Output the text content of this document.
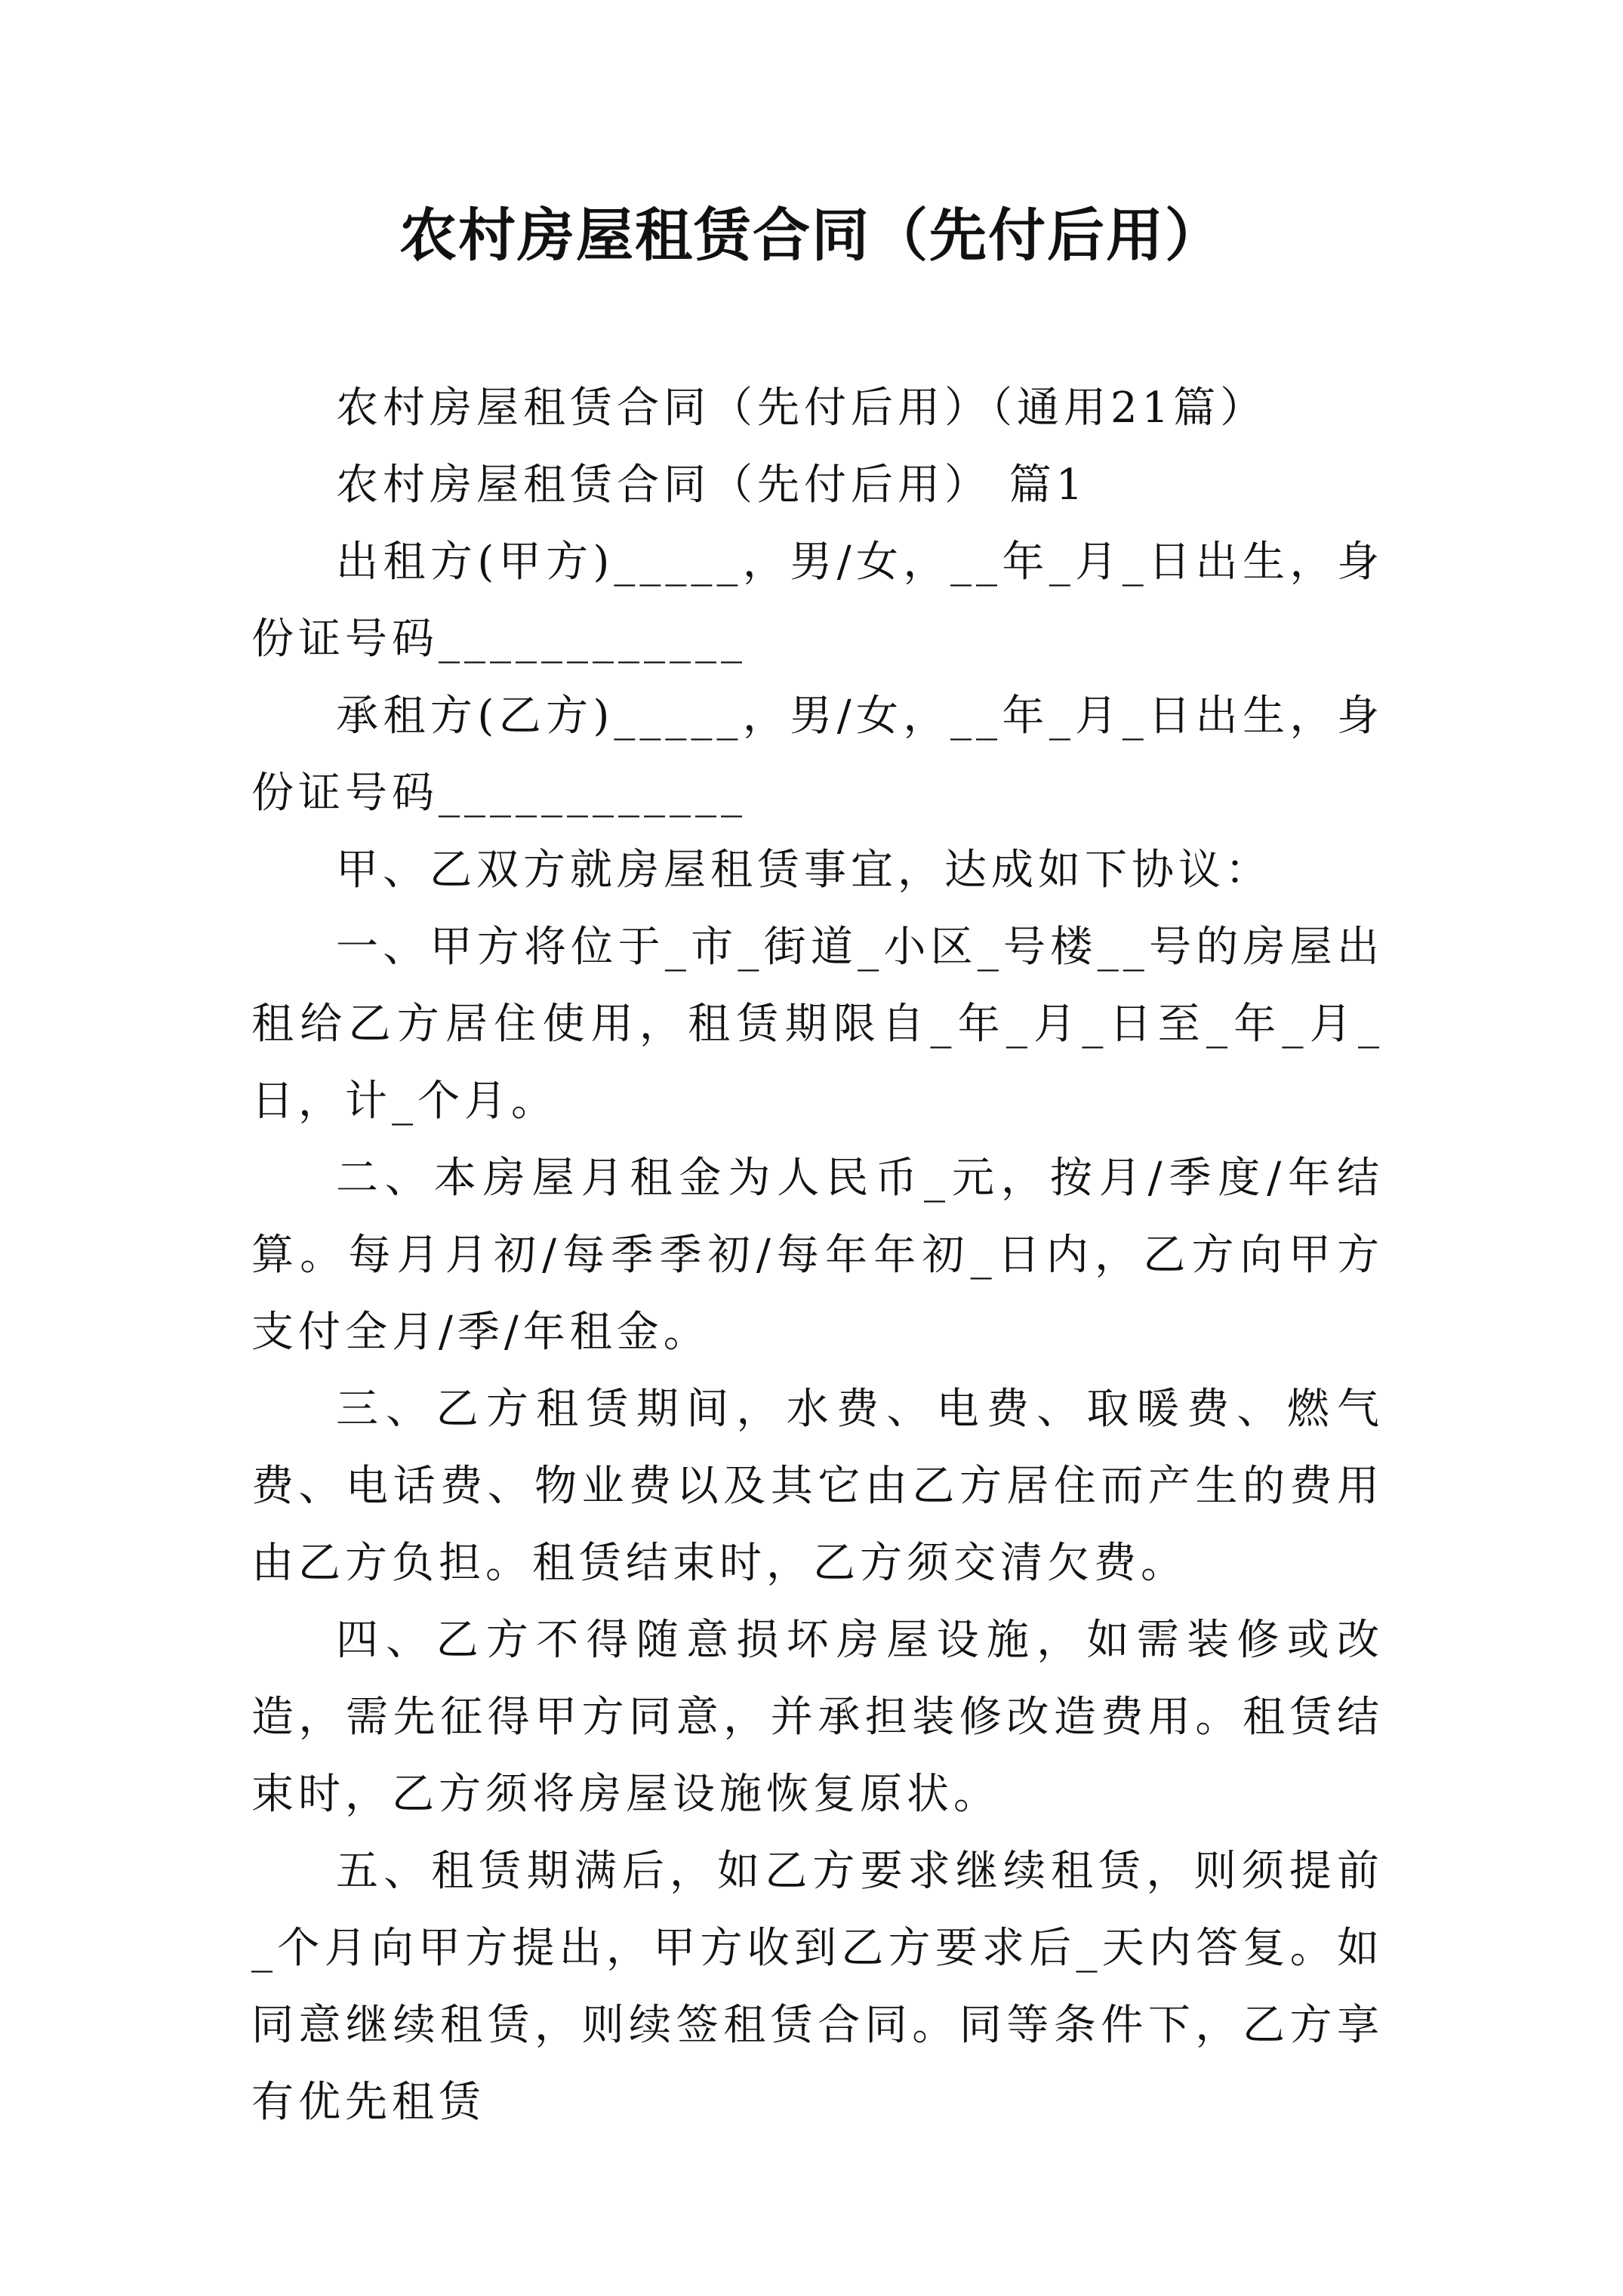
农村房屋租赁合同（先付后用）

农村房屋租赁合同（先付后用）（通用21篇）

农村房屋租赁合同（先付后用） 篇1

出租方(甲方)_____，男/女，__年_月_日出生，身份证号码____________

承租方(乙方)_____，男/女，__年_月_日出生，身份证号码____________

甲、乙双方就房屋租赁事宜，达成如下协议：

一、甲方将位于_市_街道_小区_号楼__号的房屋出租给乙方居住使用，租赁期限自_年_月_日至_年_月_日，计_个月。

二、本房屋月租金为人民币_元，按月/季度/年结算。每月月初/每季季初/每年年初_日内，乙方向甲方支付全月/季/年租金。

三、乙方租赁期间，水费、电费、取暖费、燃气费、电话费、物业费以及其它由乙方居住而产生的费用由乙方负担。租赁结束时，乙方须交清欠费。

四、乙方不得随意损坏房屋设施，如需装修或改造，需先征得甲方同意，并承担装修改造费用。租赁结束时，乙方须将房屋设施恢复原状。

五、租赁期满后，如乙方要求继续租赁，则须提前_个月向甲方提出，甲方收到乙方要求后_天内答复。如同意继续租赁，则续签租赁合同。同等条件下，乙方享有优先租赁
